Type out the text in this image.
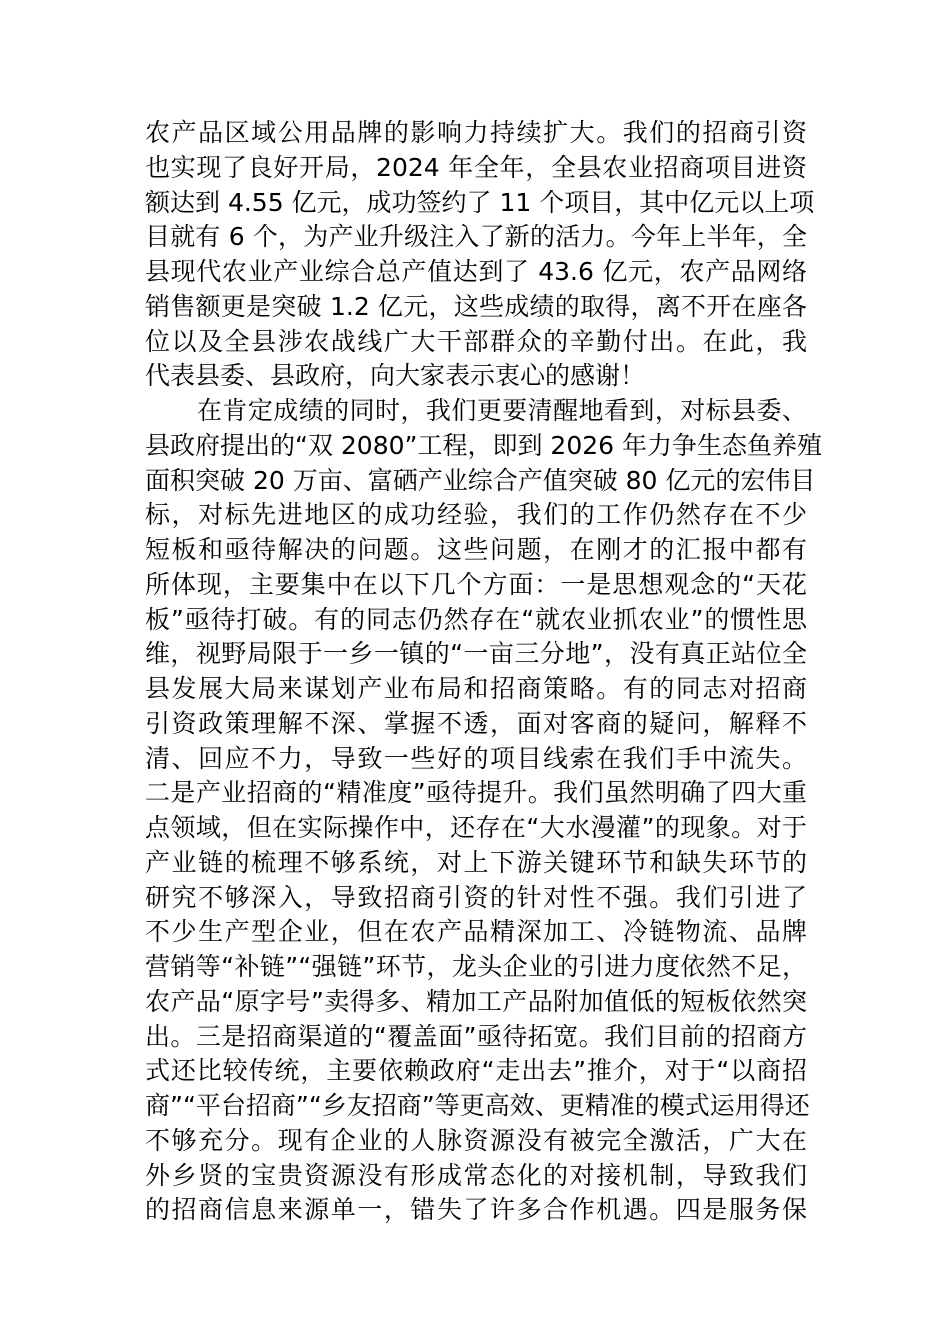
农产品区域公用品牌的影响力持续扩大。我们的招商引资
也实现了良好开局，2024 年全年，全县农业招商项目进资
额达到 4.55 亿元，成功签约了 11 个项目，其中亿元以上项
目就有 6 个，为产业升级注入了新的活力。今年上半年，全
县现代农业产业综合总产值达到了 43.6 亿元，农产品网络
销售额更是突破 1.2 亿元，这些成绩的取得，离不开在座各
位以及全县涉农战线广大干部群众的辛勤付出。在此，我
代表县委、县政府，向大家表示衷心的感谢！
在肯定成绩的同时，我们更要清醒地看到，对标县委、
县政府提出的“双 2080”工程，即到 2026 年力争生态鱼养殖
面积突破 20 万亩、富硒产业综合产值突破 80 亿元的宏伟目
标，对标先进地区的成功经验，我们的工作仍然存在不少
短板和亟待解决的问题。这些问题，在刚才的汇报中都有
所体现，主要集中在以下几个方面：一是思想观念的“天花
板”亟待打破。有的同志仍然存在“就农业抓农业”的惯性思
维，视野局限于一乡一镇的“一亩三分地”，没有真正站位全
县发展大局来谋划产业布局和招商策略。有的同志对招商
引资政策理解不深、掌握不透，面对客商的疑问，解释不
清、回应不力，导致一些好的项目线索在我们手中流失。
二是产业招商的“精准度”亟待提升。我们虽然明确了四大重
点领域，但在实际操作中，还存在“大水漫灌”的现象。对于
产业链的梳理不够系统，对上下游关键环节和缺失环节的
研究不够深入，导致招商引资的针对性不强。我们引进了
不少生产型企业，但在农产品精深加工、冷链物流、品牌
营销等“补链”“强链”环节，龙头企业的引进力度依然不足，
农产品“原字号”卖得多、精加工产品附加值低的短板依然突
出。三是招商渠道的“覆盖面”亟待拓宽。我们目前的招商方
式还比较传统，主要依赖政府“走出去”推介，对于“以商招
商”“平台招商”“乡友招商”等更高效、更精准的模式运用得还
不够充分。现有企业的人脉资源没有被完全激活，广大在
外乡贤的宝贵资源没有形成常态化的对接机制，导致我们
的招商信息来源单一，错失了许多合作机遇。四是服务保
